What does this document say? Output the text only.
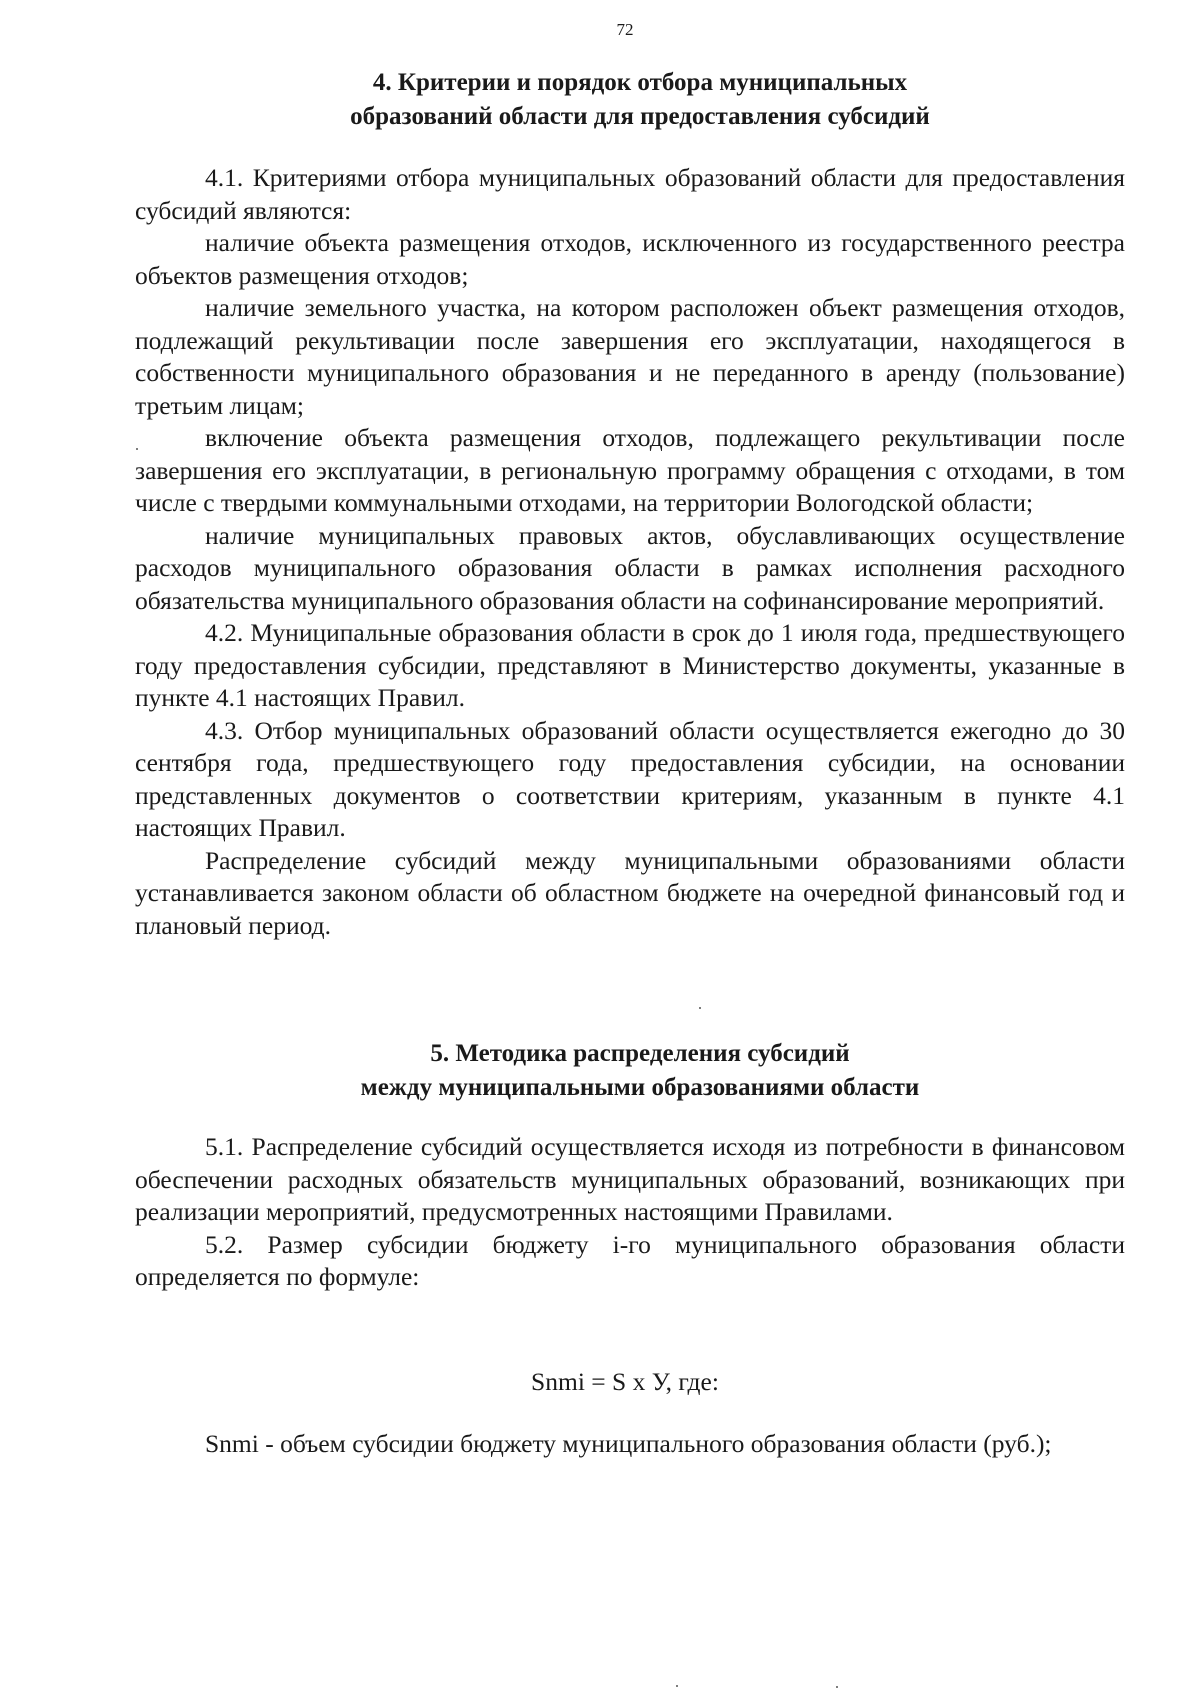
72
4. Критерии и порядок отбора муниципальных
образований области для предоставления субсидий

4.1. Критериями отбора муниципальных образований области для предоставления субсидий являются:

наличие объекта размещения отходов, исключенного из государственного реестра объектов размещения отходов;

наличие земельного участка, на котором расположен объект размещения отходов, подлежащий рекультивации после завершения его эксплуатации, находящегося в собственности муниципального образования и не переданного в аренду (пользование) третьим лицам;

включение объекта размещения отходов, подлежащего рекультивации после завершения его эксплуатации, в региональную программу обращения с отходами, в том числе с твердыми коммунальными отходами, на территории Вологодской области;

наличие муниципальных правовых актов, обуславливающих осуществление расходов муниципального образования области в рамках исполнения расходного обязательства муниципального образования области на софинансирование мероприятий.

4.2. Муниципальные образования области в срок до 1 июля года, предшествующего году предоставления субсидии, представляют в Министерство документы, указанные в пункте 4.1 настоящих Правил.

4.3. Отбор муниципальных образований области осуществляется ежегодно до 30 сентября года, предшествующего году предоставления субсидии, на основании представленных документов о соответствии критериям, указанным в пункте 4.1 настоящих Правил.

Распределение субсидий между муниципальными образованиями области устанавливается законом области об областном бюджете на очередной финансовый год и плановый период.

5. Методика распределения субсидий
между муниципальными образованиями области

5.1. Распределение субсидий осуществляется исходя из потребности в финансовом обеспечении расходных обязательств муниципальных образований, возникающих при реализации мероприятий, предусмотренных настоящими Правилами.

5.2. Размер субсидии бюджету i-го муниципального образования области определяется по формуле:

Snmi = S х У, где:

Snmi - объем субсидии бюджету муниципального образования области (руб.);
